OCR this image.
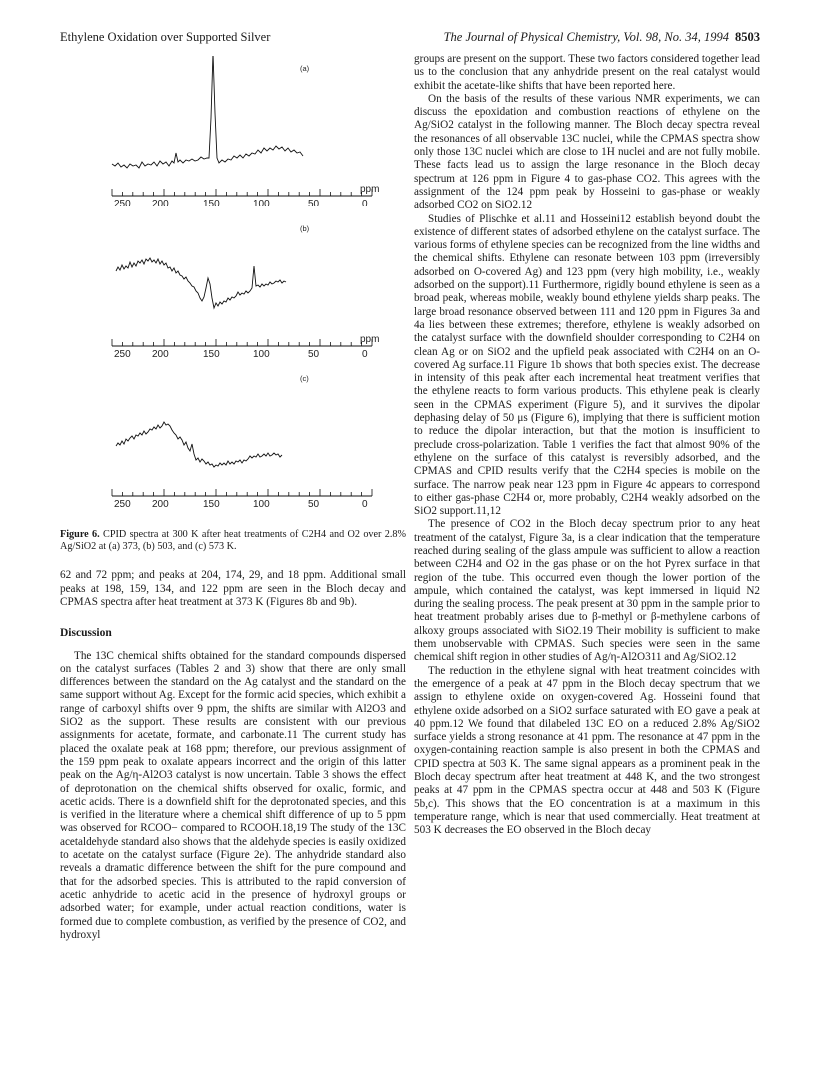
Ethylene Oxidation over Supported Silver	The Journal of Physical Chemistry, Vol. 98, No. 34, 1994 8503
(a)
ppm
250 200	150	100	50	0
(b)
ppm
250 200	150	100	50	0
(c)
250 200	150	100	50	0
Figure 6. CPID spectra at 300 K after heat treatments of C2H4 and O2 over 2.8% Ag/SiO2 at (a) 373, (b) 503, and (c) 573 K.

62 and 72 ppm; and peaks at 204, 174, 29, and 18 ppm. Additional small peaks at 198, 159, 134, and 122 ppm are seen in the Bloch decay and CPMAS spectra after heat treatment at 373 K (Figures 8b and 9b).

Discussion

The 13C chemical shifts obtained for the standard compounds dispersed on the catalyst surfaces (Tables 2 and 3) show that there are only small differences between the standard on the Ag catalyst and the standard on the same support without Ag. Except for the formic acid species, which exhibit a range of carboxyl shifts over 9 ppm, the shifts are similar with Al2O3 and SiO2 as the support. These results are consistent with our previous assignments for acetate, formate, and carbonate.11 The current study has placed the oxalate peak at 168 ppm; therefore, our previous assignment of the 159 ppm peak to oxalate appears incorrect and the origin of this latter peak on the Ag/η-Al2O3 catalyst is now uncertain. Table 3 shows the effect of deprotonation on the chemical shifts observed for oxalic, formic, and acetic acids. There is a downfield shift for the deprotonated species, and this is verified in the literature where a chemical shift difference of up to 5 ppm was observed for RCOO− compared to RCOOH.18,19 The study of the 13C acetaldehyde standard also shows that the aldehyde species is easily oxidized to acetate on the catalyst surface (Figure 2e). The anhydride standard also reveals a dramatic difference between the shift for the pure compound and that for the adsorbed species. This is attributed to the rapid conversion of acetic anhydride to acetic acid in the presence of hydroxyl groups or adsorbed water; for example, under actual reaction conditions, water is formed due to complete combustion, as verified by the presence of CO2, and hydroxyl

groups are present on the support. These two factors considered together lead us to the conclusion that any anhydride present on the real catalyst would exhibit the acetate-like shifts that have been reported here.

On the basis of the results of these various NMR experiments, we can discuss the epoxidation and combustion reactions of ethylene on the Ag/SiO2 catalyst in the following manner. The Bloch decay spectra reveal the resonances of all observable 13C nuclei, while the CPMAS spectra show only those 13C nuclei which are close to 1H nuclei and are not fully mobile. These facts lead us to assign the large resonance in the Bloch decay spectrum at 126 ppm in Figure 4 to gas-phase CO2. This agrees with the assignment of the 124 ppm peak by Hosseini to gas-phase or weakly adsorbed CO2 on SiO2.12

Studies of Plischke et al.11 and Hosseini12 establish beyond doubt the existence of different states of adsorbed ethylene on the catalyst surface. The various forms of ethylene species can be recognized from the line widths and the chemical shifts. Ethylene can resonate between 103 ppm (irreversibly adsorbed on O-covered Ag) and 123 ppm (very high mobility, i.e., weakly adsorbed on the support).11 Furthermore, rigidly bound ethylene is seen as a broad peak, whereas mobile, weakly bound ethylene yields sharp peaks. The large broad resonance observed between 111 and 120 ppm in Figures 3a and 4a lies between these extremes; therefore, ethylene is weakly adsorbed on the catalyst surface with the downfield shoulder corresponding to C2H4 on clean Ag or on SiO2 and the upfield peak associated with C2H4 on an O-covered Ag surface.11 Figure 1b shows that both species exist. The decrease in intensity of this peak after each incremental heat treatment verifies that the ethylene reacts to form various products. This ethylene peak is clearly seen in the CPMAS experiment (Figure 5), and it survives the dipolar dephasing delay of 50 μs (Figure 6), implying that there is sufficient motion to reduce the dipolar interaction, but that the motion is insufficient to preclude cross-polarization. Table 1 verifies the fact that almost 90% of the ethylene on the surface of this catalyst is reversibly adsorbed, and the CPMAS and CPID results verify that the C2H4 species is mobile on the surface. The narrow peak near 123 ppm in Figure 4c appears to correspond to either gas-phase C2H4 or, more probably, C2H4 weakly adsorbed on the SiO2 support.11,12

The presence of CO2 in the Bloch decay spectrum prior to any heat treatment of the catalyst, Figure 3a, is a clear indication that the temperature reached during sealing of the glass ampule was sufficient to allow a reaction between C2H4 and O2 in the gas phase or on the hot Pyrex surface in that region of the tube. This occurred even though the lower portion of the ampule, which contained the catalyst, was kept immersed in liquid N2 during the sealing process. The peak present at 30 ppm in the sample prior to heat treatment probably arises due to β-methyl or β-methylene carbons of alkoxy groups associated with SiO2.19 Their mobility is sufficient to make them unobservable with CPMAS. Such species were seen in the same chemical shift region in other studies of Ag/η-Al2O311 and Ag/SiO2.12

The reduction in the ethylene signal with heat treatment coincides with the emergence of a peak at 47 ppm in the Bloch decay spectrum that we assign to ethylene oxide on oxygen-covered Ag. Hosseini found that ethylene oxide adsorbed on a SiO2 surface saturated with EO gave a peak at 40 ppm.12 We found that dilabeled 13C EO on a reduced 2.8% Ag/SiO2 surface yields a strong resonance at 41 ppm. The resonance at 47 ppm in the oxygen-containing reaction sample is also present in both the CPMAS and CPID spectra at 503 K. The same signal appears as a prominent peak in the Bloch decay spectrum after heat treatment at 448 K, and the two strongest peaks at 47 ppm in the CPMAS spectra occur at 448 and 503 K (Figure 5b,c). This shows that the EO concentration is at a maximum in this temperature range, which is near that used commercially. Heat treatment at 503 K decreases the EO observed in the Bloch decay
